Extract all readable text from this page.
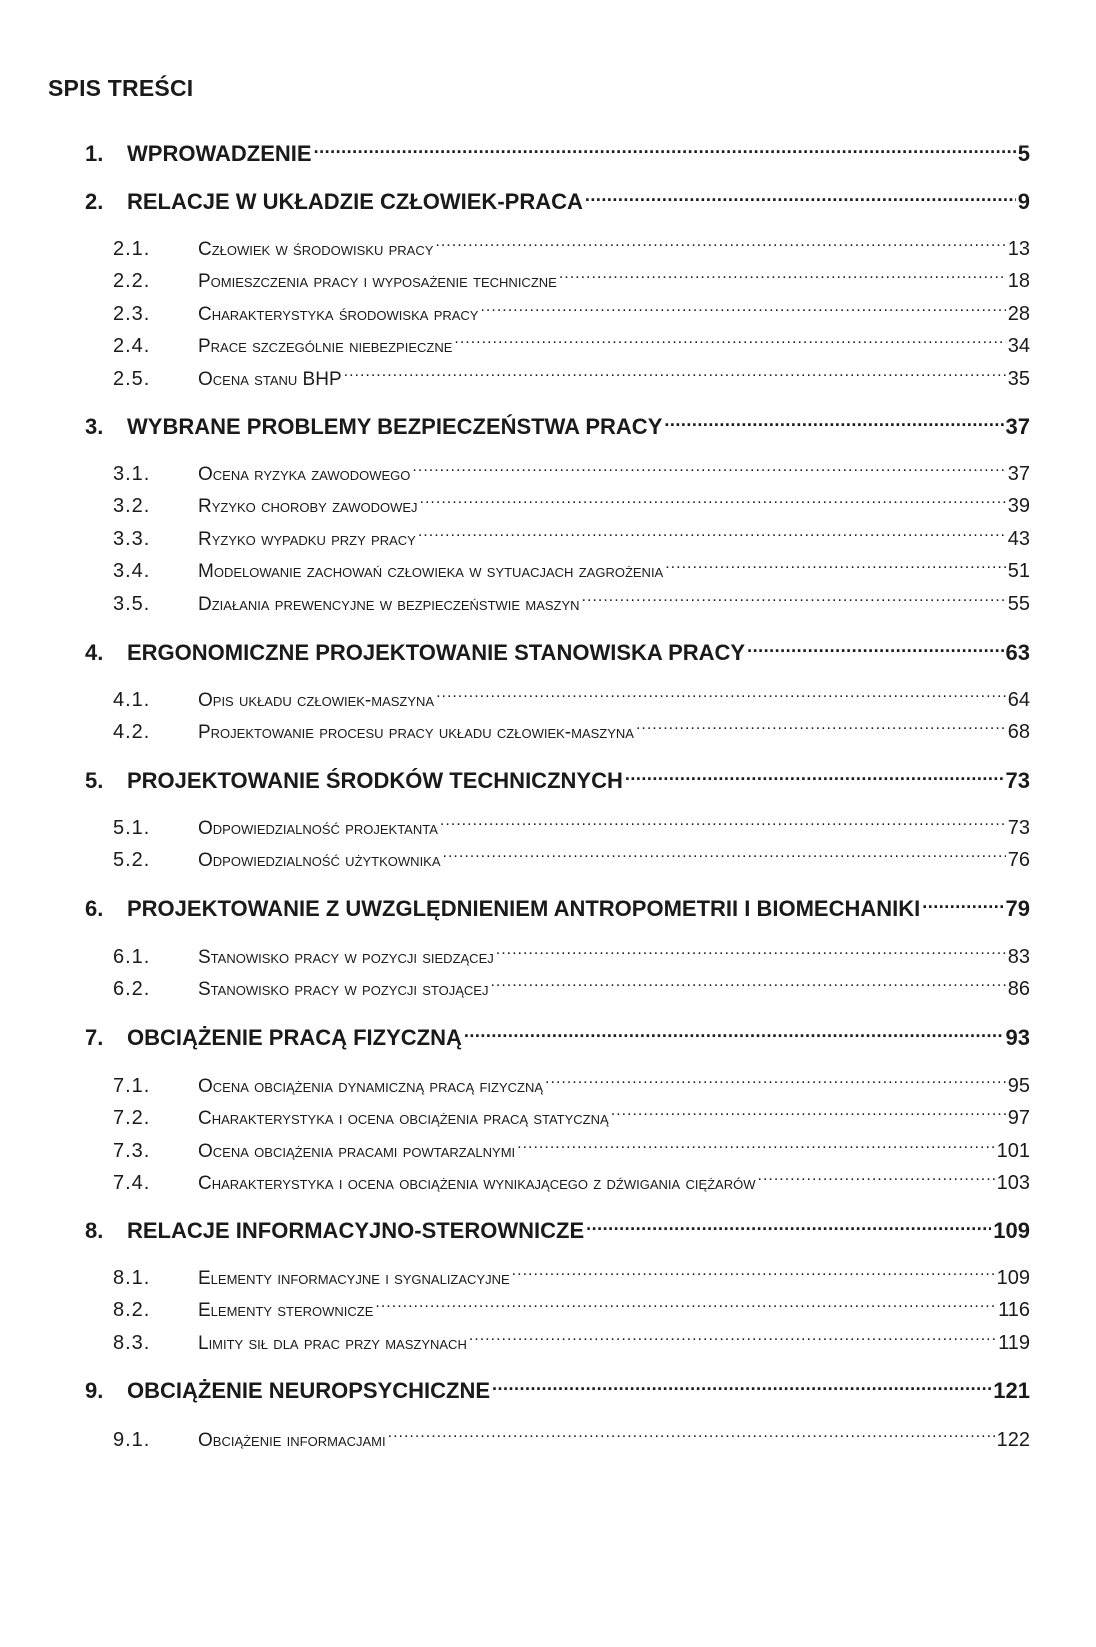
SPIS TREŚCI
1.	WPROWADZENIE .....	5
2.	RELACJE W UKŁADZIE CZŁOWIEK-PRACA .....	9
2.1.	Człowiek w środowisku pracy .....	13
2.2.	Pomieszczenia pracy i wyposażenie techniczne .....	18
2.3.	Charakterystyka środowiska pracy .....	28
2.4.	Prace szczególnie niebezpieczne .....	34
2.5.	Ocena stanu BHP .....	35
3.	WYBRANE PROBLEMY BEZPIECZEŃSTWA PRACY .....	37
3.1.	Ocena ryzyka zawodowego .....	37
3.2.	Ryzyko choroby zawodowej .....	39
3.3.	Ryzyko wypadku przy pracy .....	43
3.4.	Modelowanie zachowań człowieka w sytuacjach zagrożenia .....	51
3.5.	Działania prewencyjne w bezpieczeństwie maszyn .....	55
4.	ERGONOMICZNE PROJEKTOWANIE STANOWISKA PRACY .....	63
4.1.	Opis układu człowiek-maszyna .....	64
4.2.	Projektowanie procesu pracy układu człowiek-maszyna .....	68
5.	PROJEKTOWANIE ŚRODKÓW TECHNICZNYCH .....	73
5.1.	Odpowiedzialność projektanta .....	73
5.2.	Odpowiedzialność użytkownika .....	76
6.	PROJEKTOWANIE Z UWZGLĘDNIENIEM ANTROPOMETRII I BIOMECHANIKI .....	79
6.1.	Stanowisko pracy w pozycji siedzącej .....	83
6.2.	Stanowisko pracy w pozycji stojącej .....	86
7.	OBCIĄŻENIE PRACĄ FIZYCZNĄ .....	93
7.1.	Ocena obciążenia dynamiczną pracą fizyczną .....	95
7.2.	Charakterystyka i ocena obciążenia pracą statyczną .....	97
7.3.	Ocena obciążenia pracami powtarzalnymi .....	101
7.4.	Charakterystyka i ocena obciążenia wynikającego z dźwigania ciężarów .....	103
8.	RELACJE INFORMACYJNO-STEROWNICZE .....	109
8.1.	Elementy informacyjne i sygnalizacyjne .....	109
8.2.	Elementy sterownicze .....	116
8.3.	Limity sił dla prac przy maszynach .....	119
9.	OBCIĄŻENIE NEUROPSYCHICZNE .....	121
9.1.	Obciążenie informacjami .....	122
